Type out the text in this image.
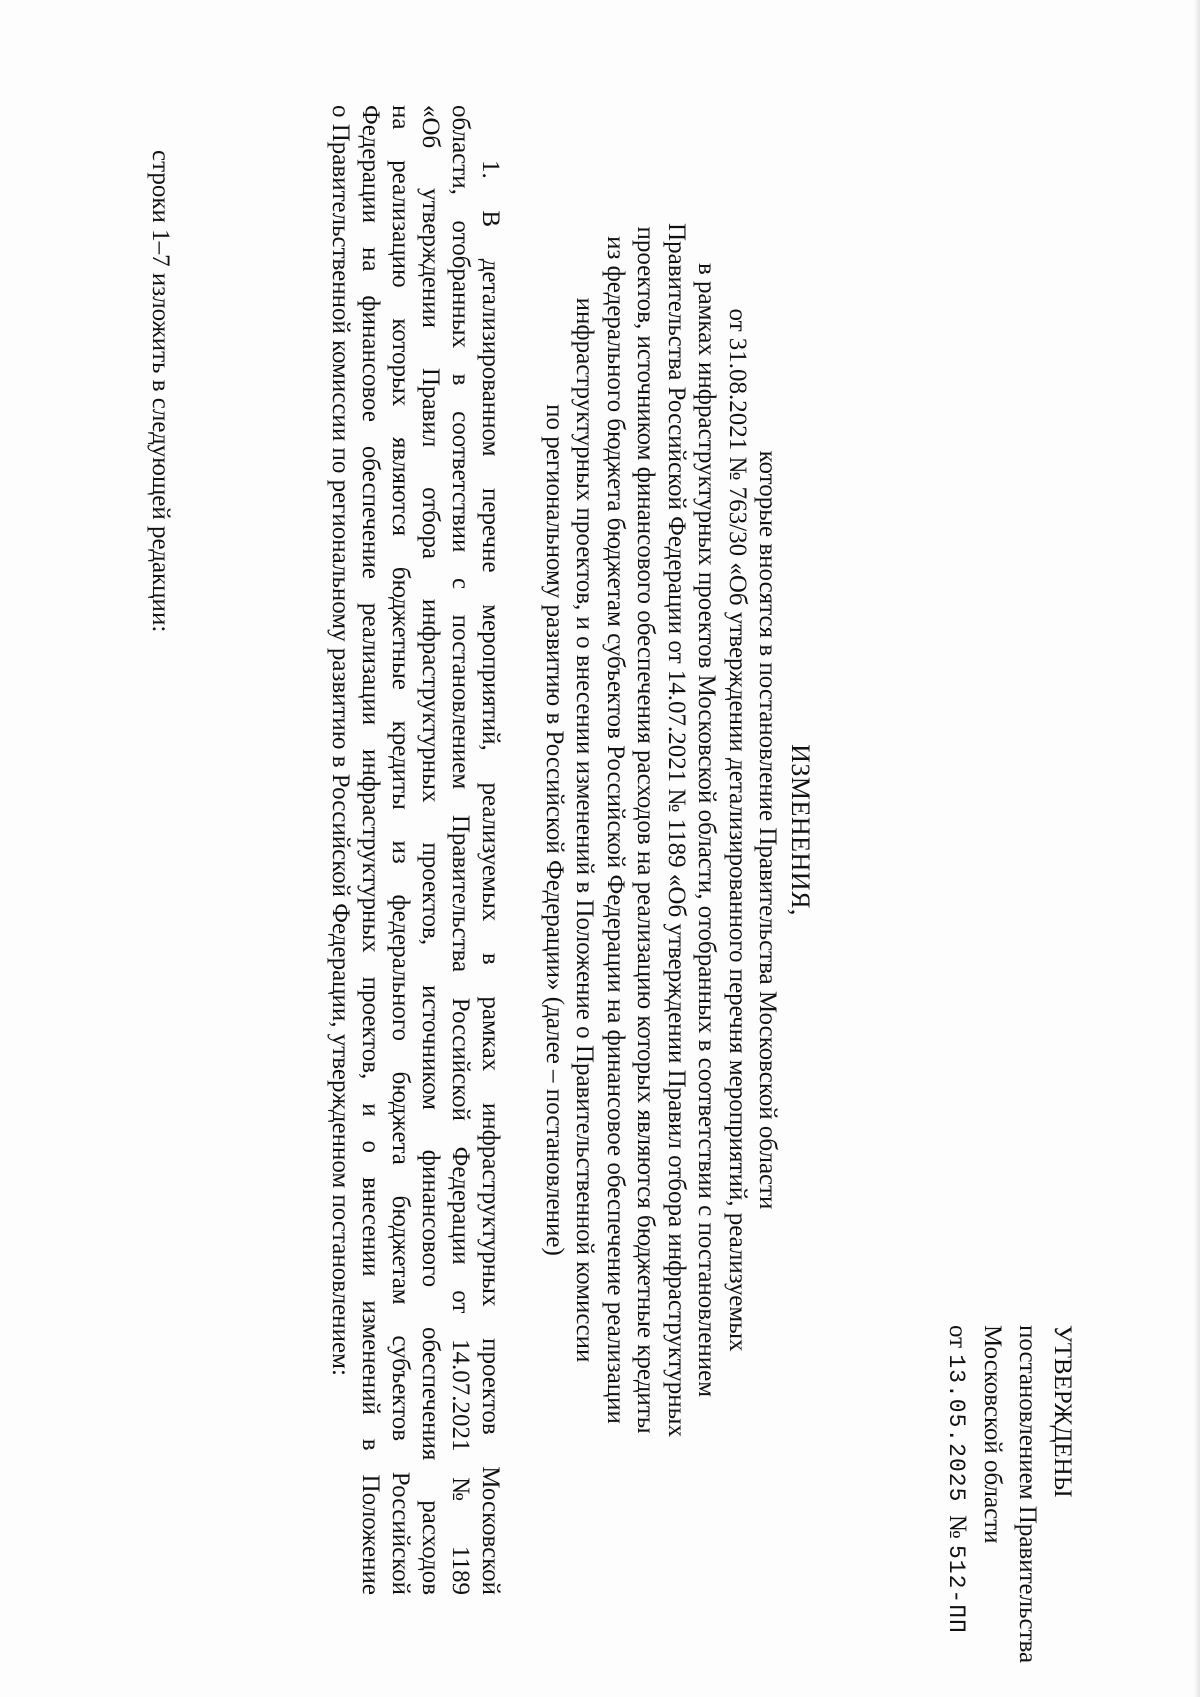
УТВЕРЖДЕНЫ
постановлением Правительства
Московской области
от 13.05.2025  № 512-ПП
ИЗМЕНЕНИЯ,
которые вносятся в постановление Правительства Московской области
от 31.08.2021 № 763/30 «Об утверждении детализированного перечня мероприятий, реализуемых
в рамках инфраструктурных проектов Московской области, отобранных в соответствии с постановлением
Правительства Российской Федерации от 14.07.2021 № 1189 «Об утверждении Правил отбора инфраструктурных
проектов, источником финансового обеспечения расходов на реализацию которых являются бюджетные кредиты
из федерального бюджета бюджетам субъектов Российской Федерации на финансовое обеспечение реализации
инфраструктурных проектов, и о внесении изменений в Положение о Правительственной комиссии
по региональному развитию в Российской Федерации» (далее – постановление)
1. В детализированном перечне мероприятий, реализуемых в рамках инфраструктурных проектов Московской
области, отобранных в соответствии с постановлением Правительства Российской Федерации от 14.07.2021 № 1189
«Об утверждении Правил отбора инфраструктурных проектов, источником финансового обеспечения расходов
на реализацию которых являются бюджетные кредиты из федерального бюджета бюджетам субъектов Российской
Федерации на финансовое обеспечение реализации инфраструктурных проектов, и о внесении изменений в Положение
о Правительственной комиссии по региональному развитию в Российской Федерации, утвержденном постановлением:
строки 1–7 изложить в следующей редакции:
